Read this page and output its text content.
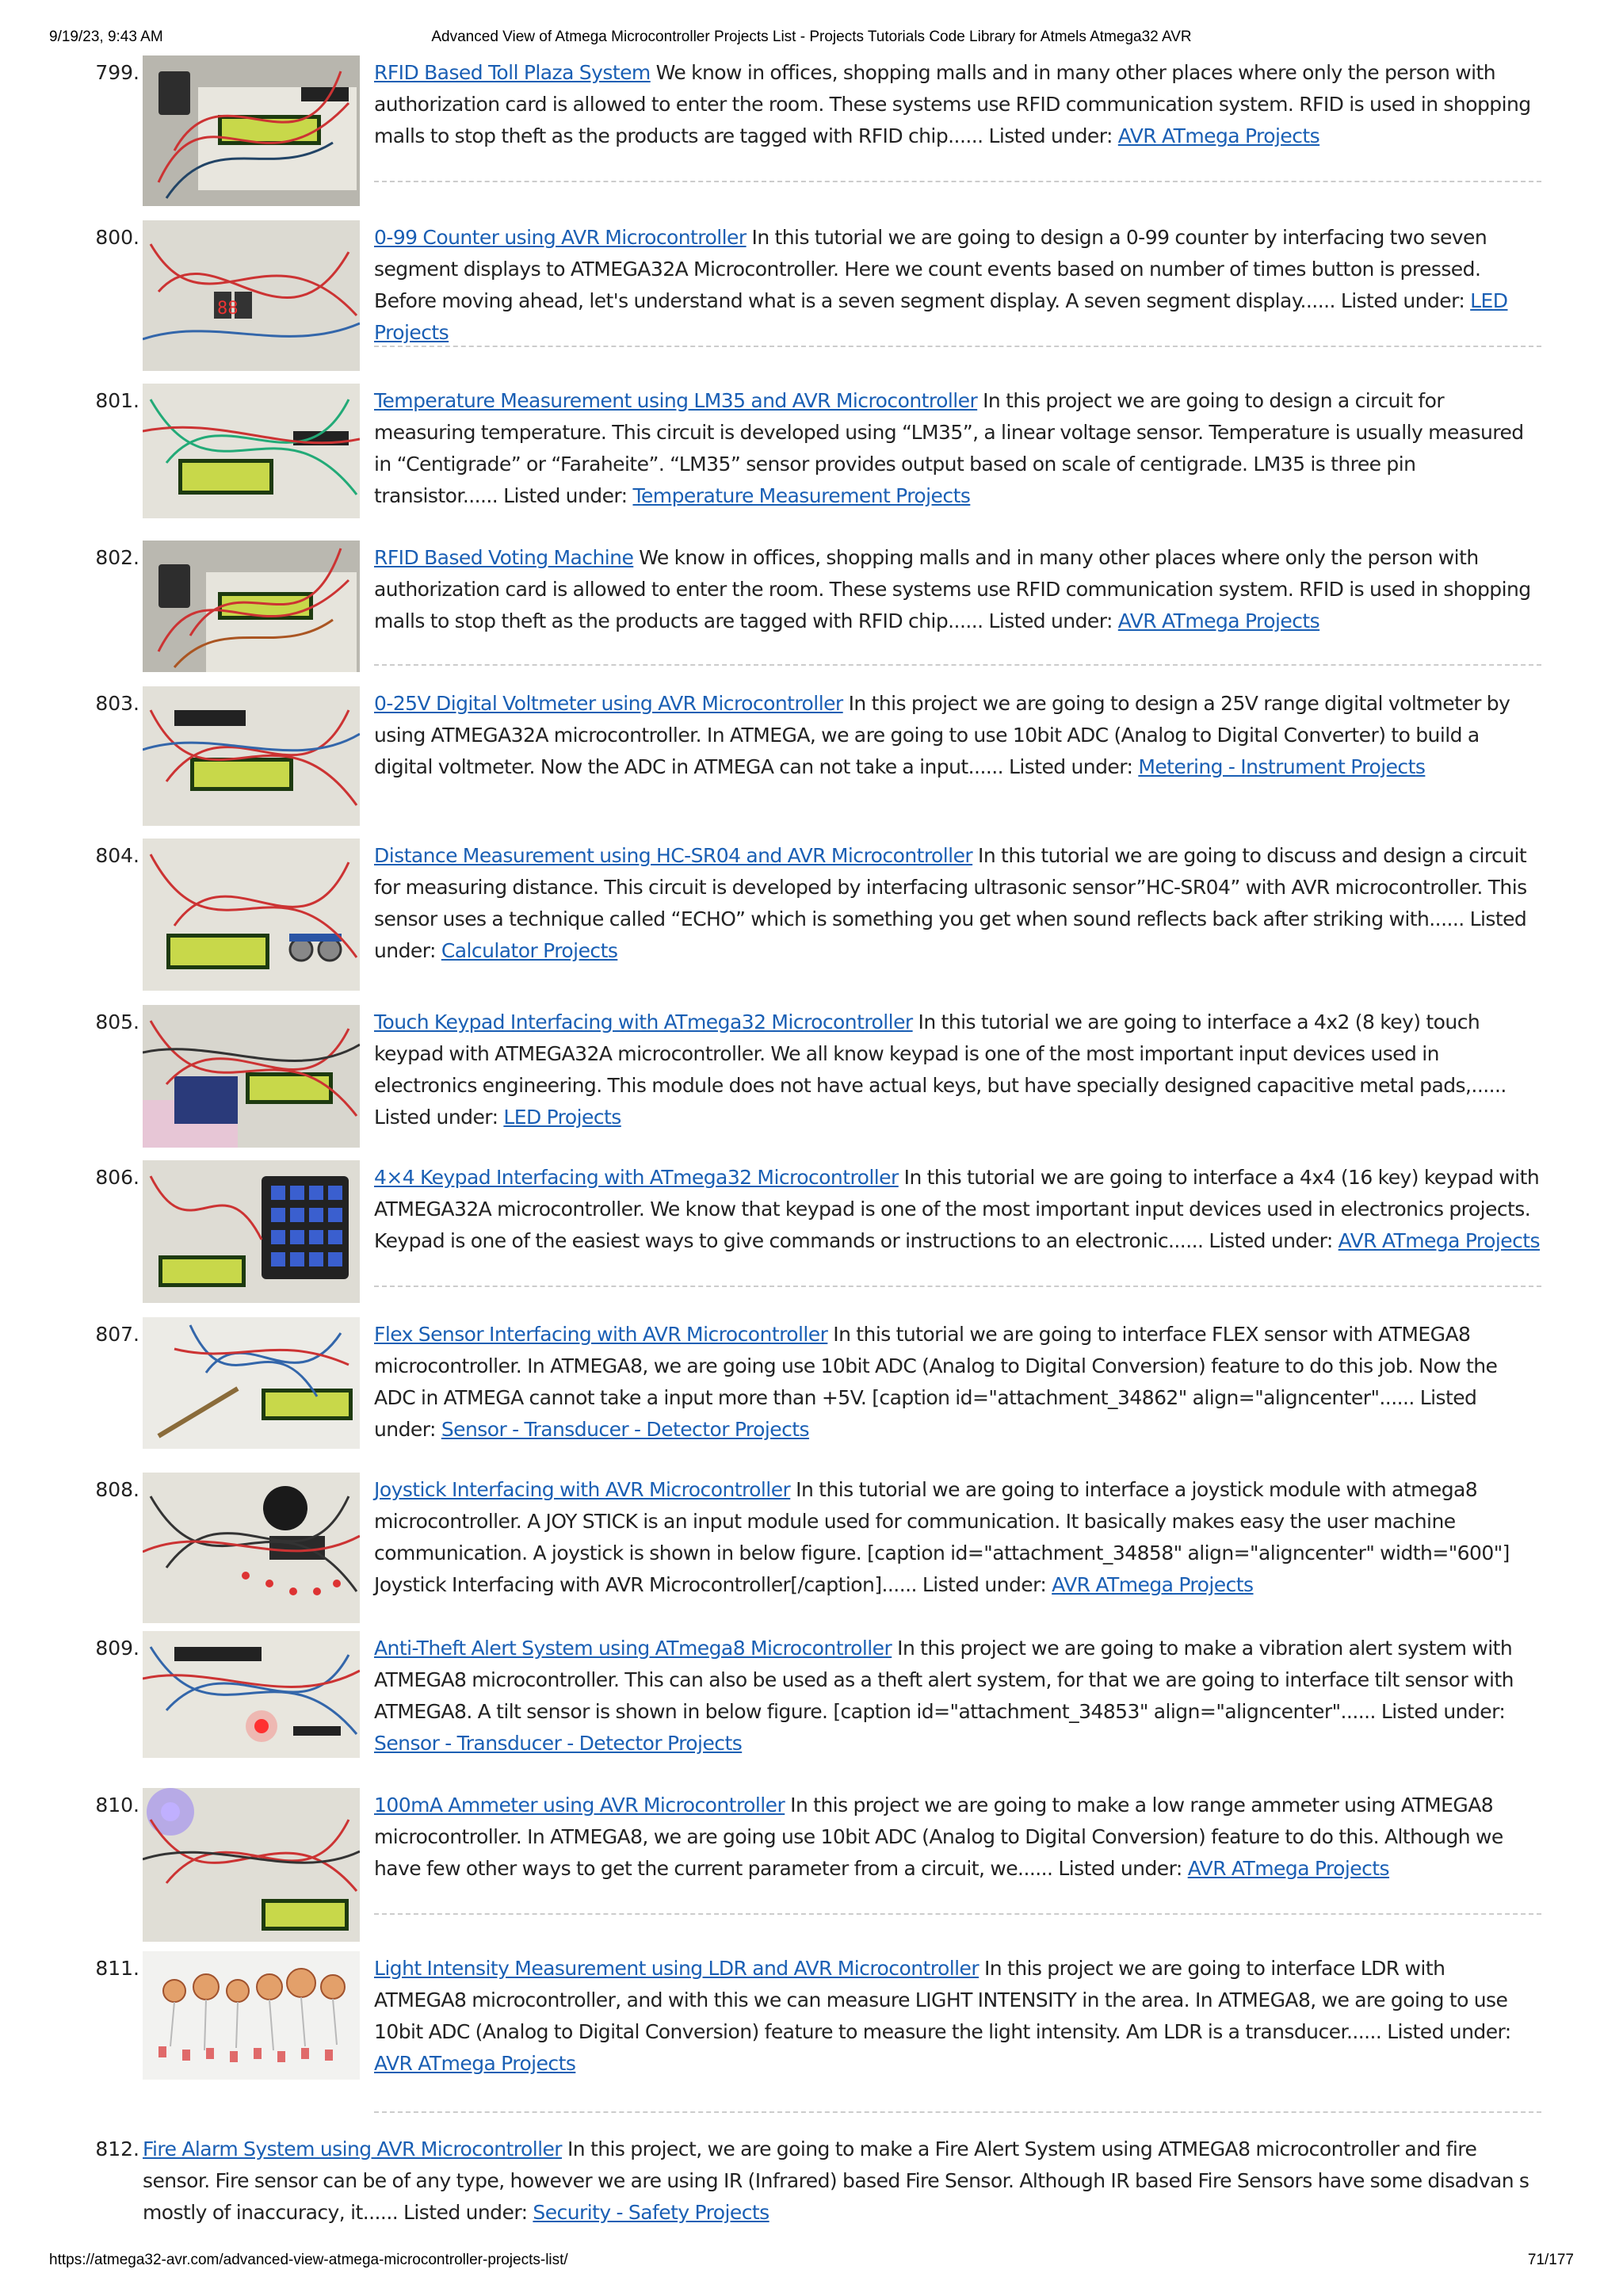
9/19/23, 9:43 AM	Advanced View of Atmega Microcontroller Projects List - Projects Tutorials Code Library for Atmels Atmega32 AVR
799.	RFID Based Toll Plaza System We know in offices, shopping malls and in many other places where only the person with authorization card is allowed to enter the room. These systems use RFID communication system. RFID is used in shopping malls to stop theft as the products are tagged with RFID chip...... Listed under: AVR ATmega Projects
800.
88
0-99 Counter using AVR Microcontroller In this tutorial we are going to design a 0-99 counter by interfacing two seven segment displays to ATMEGA32A Microcontroller. Here we count events based on number of times button is pressed. Before moving ahead, let's understand what is a seven segment display. A seven segment display...... Listed under: LED Projects
801.	Temperature Measurement using LM35 and AVR Microcontroller In this project we are going to design a circuit for measuring temperature. This circuit is developed using “LM35”, a linear voltage sensor. Temperature is usually measured in “Centigrade” or “Faraheite”. “LM35” sensor provides output based on scale of centigrade. LM35 is three pin transistor...... Listed under: Temperature Measurement Projects
802.	RFID Based Voting Machine We know in offices, shopping malls and in many other places where only the person with authorization card is allowed to enter the room. These systems use RFID communication system. RFID is used in shopping malls to stop theft as the products are tagged with RFID chip...... Listed under: AVR ATmega Projects
803.	0-25V Digital Voltmeter using AVR Microcontroller In this project we are going to design a 25V range digital voltmeter by using ATMEGA32A microcontroller. In ATMEGA, we are going to use 10bit ADC (Analog to Digital Converter) to build a digital voltmeter. Now the ADC in ATMEGA can not take a input...... Listed under: Metering - Instrument Projects
804.	Distance Measurement using HC-SR04 and AVR Microcontroller In this tutorial we are going to discuss and design a circuit for measuring distance. This circuit is developed by interfacing ultrasonic sensor”HC-SR04” with AVR microcontroller. This sensor uses a technique called “ECHO” which is something you get when sound reflects back after striking with...... Listed under: Calculator Projects
805.	Touch Keypad Interfacing with ATmega32 Microcontroller In this tutorial we are going to interface a 4x2 (8 key) touch keypad with ATMEGA32A microcontroller. We all know keypad is one of the most important input devices used in electronics engineering. This module does not have actual keys, but have specially designed capacitive metal pads,...... Listed under: LED Projects
806.	4×4 Keypad Interfacing with ATmega32 Microcontroller In this tutorial we are going to interface a 4x4 (16 key) keypad with ATMEGA32A microcontroller. We know that keypad is one of the most important input devices used in electronics projects. Keypad is one of the easiest ways to give commands or instructions to an electronic...... Listed under: AVR ATmega Projects
807.	Flex Sensor Interfacing with AVR Microcontroller In this tutorial we are going to interface FLEX sensor with ATMEGA8 microcontroller. In ATMEGA8, we are going use 10bit ADC (Analog to Digital Conversion) feature to do this job. Now the ADC in ATMEGA cannot take a input more than +5V. [caption id="attachment_34862" align="aligncenter"...... Listed under: Sensor - Transducer - Detector Projects
808.	Joystick Interfacing with AVR Microcontroller In this tutorial we are going to interface a joystick module with atmega8 microcontroller. A JOY STICK is an input module used for communication. It basically makes easy the user machine communication. A joystick is shown in below figure. [caption id="attachment_34858" align="aligncenter" width="600"] Joystick Interfacing with AVR Microcontroller[/caption]...... Listed under: AVR ATmega Projects
809.	Anti-Theft Alert System using ATmega8 Microcontroller In this project we are going to make a vibration alert system with ATMEGA8 microcontroller. This can also be used as a theft alert system, for that we are going to interface tilt sensor with ATMEGA8. A tilt sensor is shown in below figure. [caption id="attachment_34853" align="aligncenter"...... Listed under: Sensor - Transducer - Detector Projects
810.	100mA Ammeter using AVR Microcontroller In this project we are going to make a low range ammeter using ATMEGA8 microcontroller. In ATMEGA8, we are going use 10bit ADC (Analog to Digital Conversion) feature to do this. Although we have few other ways to get the current parameter from a circuit, we...... Listed under: AVR ATmega Projects
811.	Light Intensity Measurement using LDR and AVR Microcontroller In this project we are going to interface LDR with ATMEGA8 microcontroller, and with this we can measure LIGHT INTENSITY in the area. In ATMEGA8, we are going to use 10bit ADC (Analog to Digital Conversion) feature to measure the light intensity. Am LDR is a transducer...... Listed under: AVR ATmega Projects
812. Fire Alarm System using AVR Microcontroller In this project, we are going to make a Fire Alert System using ATMEGA8 microcontroller and fire sensor. Fire sensor can be of any type, however we are using IR (Infrared) based Fire Sensor. Although IR based Fire Sensors have some disadvan s mostly of inaccuracy, it...... Listed under: Security - Safety Projects
https://atmega32-avr.com/advanced-view-atmega-microcontroller-projects-list/	71/177
